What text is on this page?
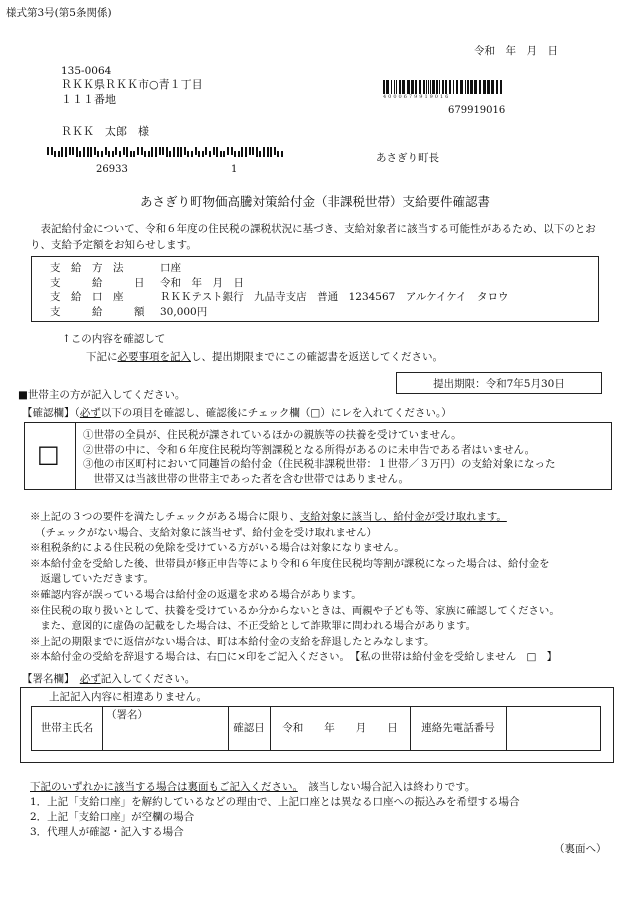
様式第3号(第5条関係)
令和　年　月　日
135-0064
ＲＫＫ県ＲＫＫ市○青１丁目
１１１番地
ＲＫＫ　太郎　様
26933	1
4000679919016
679919016
あさぎり町長
あさぎり町物価高騰対策給付金（非課税世帯）支給要件確認書
表記給付金について、令和６年度の住民税の課税状況に基づき、支給対象者に該当する可能性があるため、以下のとおり、支給予定額をお知らせします。
支　給　方　法	口座
支　　　給　　　日 令和　年　月　日
支　給　口　座	ＲＫＫテスト銀行　九品寺支店　普通　1234567　アルケイケイ　タロウ
支　　　給　　　額 30,000円
↑この内容を確認して
下記に必要事項を記入し、提出期限までにこの確認書を返送してください。
提出期限：令和7年5月30日
■世帯主の方が記入してください。
【確認欄】（必ず以下の項目を確認し、確認後にチェック欄（□）にレを入れてください。）
□
①世帯の全員が、住民税が課されているほかの親族等の扶養を受けていません。
②世帯の中に、令和６年度住民税均等割課税となる所得があるのに未申告である者はいません。
③他の市区町村において同趣旨の給付金（住民税非課税世帯：１世帯／３万円）の支給対象になった
　世帯又は当該世帯の世帯主であった者を含む世帯ではありません。
※上記の３つの要件を満たしチェックがある場合に限り、支給対象に該当し、給付金が受け取れます。
　（チェックがない場合、支給対象に該当せず、給付金を受け取れません）
※租税条約による住民税の免除を受けている方がいる場合は対象になりません。
※本給付金を受給した後、世帯員が修正申告等により令和６年度住民税均等割が課税になった場合は、給付金を
　返還していただきます。
※確認内容が誤っている場合は給付金の返還を求める場合があります。
※住民税の取り扱いとして、扶養を受けているか分からないときは、両親や子ども等、家族に確認してください。
　また、意図的に虚偽の記載をした場合は、不正受給として詐欺罪に問われる場合があります。
※上記の期限までに返信がない場合は、町は本給付金の支給を辞退したとみなします。
※本給付金の受給を辞退する場合は、右□に×印をご記入ください。　【私の世帯は給付金を受給しません　□　】
【署名欄】　必ず記入してください。
上記記入内容に相違ありません。
世帯主氏名
（署名）
確認日	令和　　年　　月　　日	連絡先電話番号
下記のいずれかに該当する場合は裏面もご記入ください。　該当しない場合記入は終わりです。
1．上記「支給口座」を解約しているなどの理由で、上記口座とは異なる口座への振込みを希望する場合
2．上記「支給口座」が空欄の場合
3．代理人が確認・記入する場合
（裏面へ）
